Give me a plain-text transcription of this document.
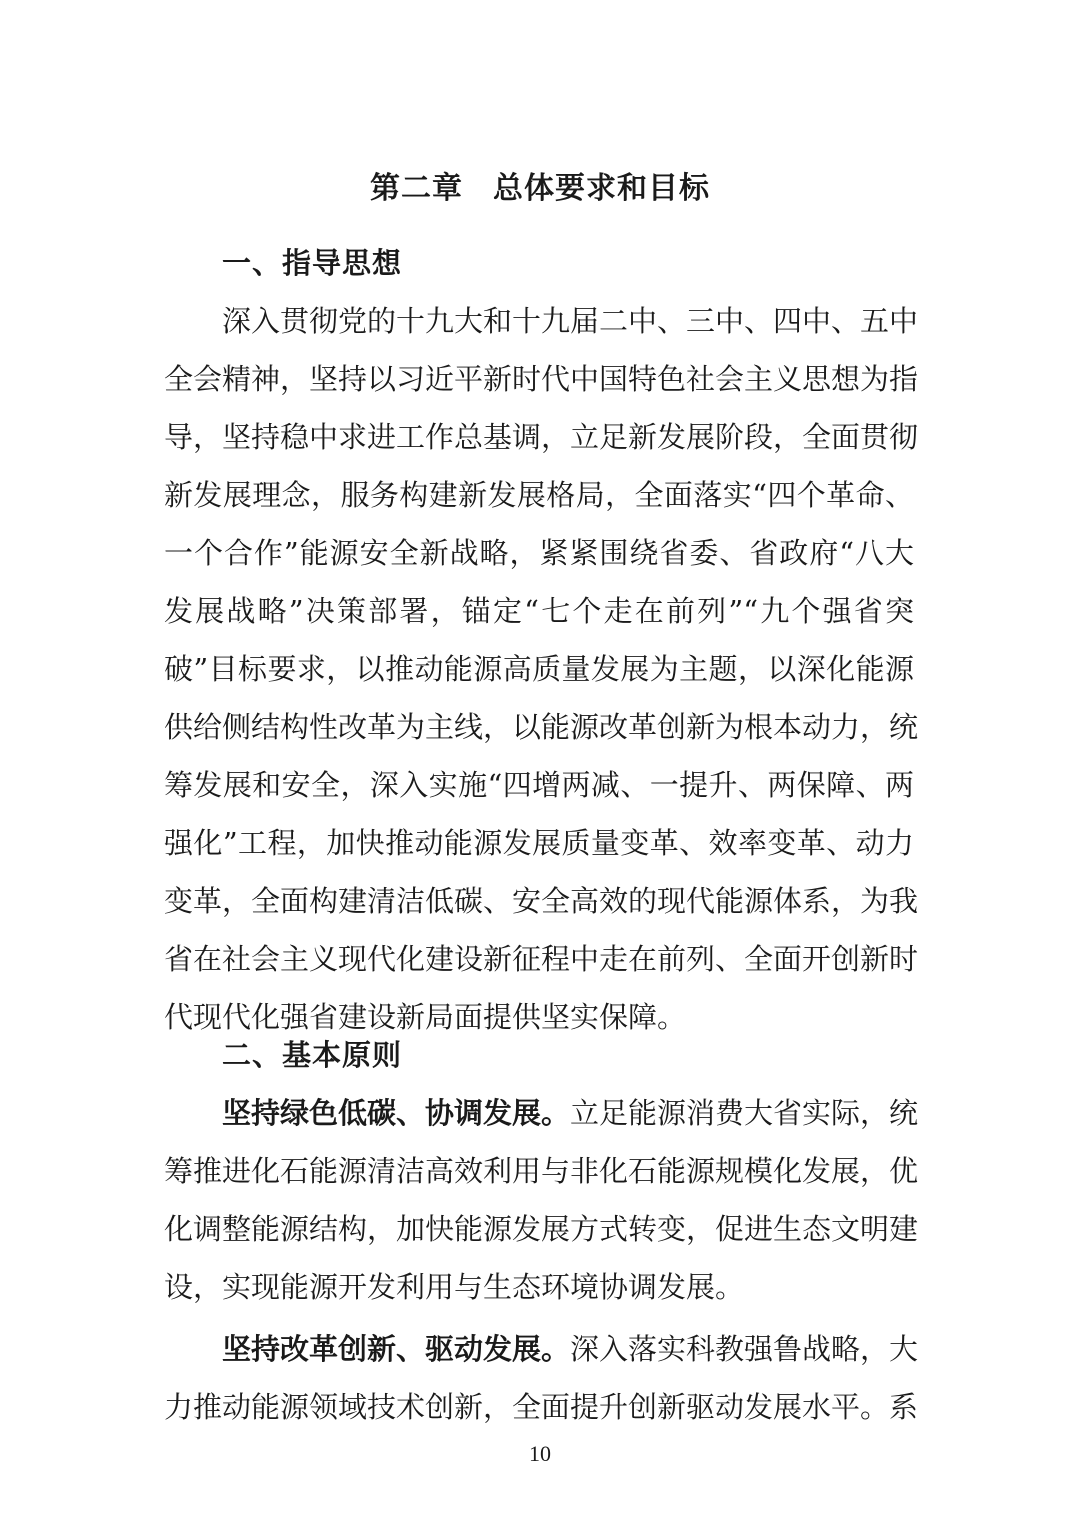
第二章 总体要求和目标
一、指导思想
深入贯彻党的十九大和十九届二中、三中、四中、五中
全会精神，坚持以习近平新时代中国特色社会主义思想为指
导，坚持稳中求进工作总基调，立足新发展阶段，全面贯彻
新发展理念，服务构建新发展格局，全面落实“四个革命、
一个合作”能源安全新战略，紧紧围绕省委、省政府“八大
发展战略”决策部署，锚定“七个走在前列”“九个强省突
破”目标要求，以推动能源高质量发展为主题，以深化能源
供给侧结构性改革为主线，以能源改革创新为根本动力，统
筹发展和安全，深入实施“四增两减、一提升、两保障、两
强化”工程，加快推动能源发展质量变革、效率变革、动力
变革，全面构建清洁低碳、安全高效的现代能源体系，为我
省在社会主义现代化建设新征程中走在前列、全面开创新时
代现代化强省建设新局面提供坚实保障。
二、基本原则
坚持绿色低碳、协调发展。立足能源消费大省实际，统
筹推进化石能源清洁高效利用与非化石能源规模化发展，优
化调整能源结构，加快能源发展方式转变，促进生态文明建
设，实现能源开发利用与生态环境协调发展。
坚持改革创新、驱动发展。深入落实科教强鲁战略，大
力推动能源领域技术创新，全面提升创新驱动发展水平。系
10
